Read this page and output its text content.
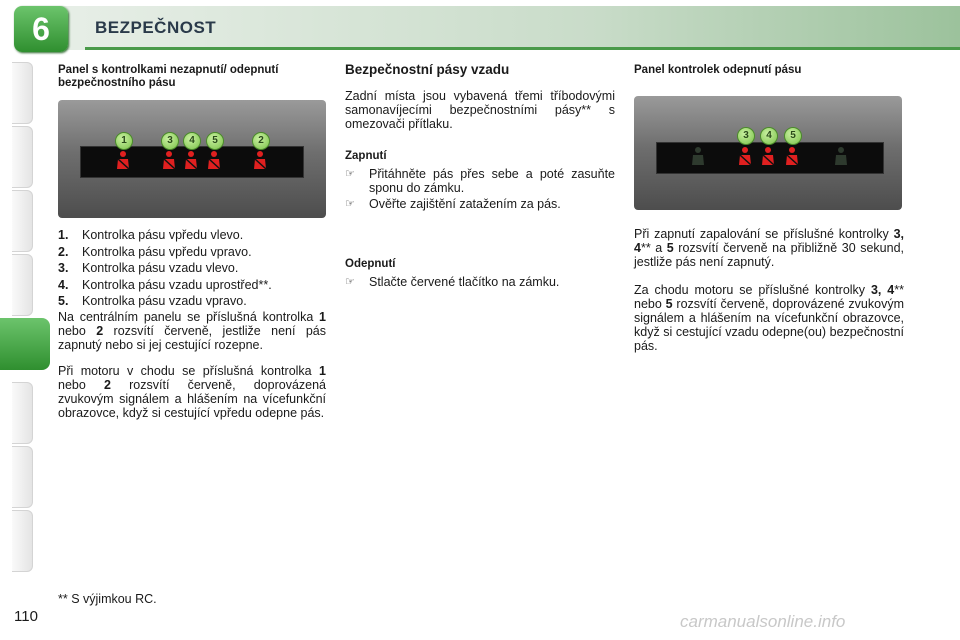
6	BEZPEČNOST
Panel s kontrolkami nezapnutí/ odepnutí bezpečnostního pásu
1	3	4	5	2
1. Kontrolka pásu vpředu vlevo.
2. Kontrolka pásu vpředu vpravo.
3. Kontrolka pásu vzadu vlevo.
4. Kontrolka pásu vzadu uprostřed**.
5. Kontrolka pásu vzadu vpravo.
Na centrálním panelu se příslušná kontrolka 1 nebo 2 rozsvítí červeně, jestliže není pás zapnutý nebo si jej cestující rozepne.
Při motoru v chodu se příslušná kontrolka 1 nebo 2 rozsvítí červeně, doprovázená zvukovým signálem a hlášením na vícefunkční obrazovce, když si cestující vpředu odepne pás.
Bezpečnostní pásy vzadu
Zadní místa jsou vybavená třemi tříbodovými samonavíjecími bezpečnostními pásy** s omezovači přítlaku.
Zapnutí
☞	Přitáhněte pás přes sebe a poté zasuňte sponu do zámku.
☞	Ověřte zajištění zatažením za pás.
Odepnutí
☞	Stlačte červené tlačítko na zámku.
Panel kontrolek odepnutí pásu
3	4	5
Při zapnutí zapalování se příslušné kontrolky 3, 4** a 5 rozsvítí červeně na přibližně 30 sekund, jestliže pás není zapnutý.
Za chodu motoru se příslušné kontrolky 3, 4** nebo 5 rozsvítí červeně, doprovázené zvukovým signálem a hlášením na vícefunkční obrazovce, když si cestující vzadu odepne(ou) bezpečnostní pás.
** S výjimkou RC.
110	carmanualsonline.info
